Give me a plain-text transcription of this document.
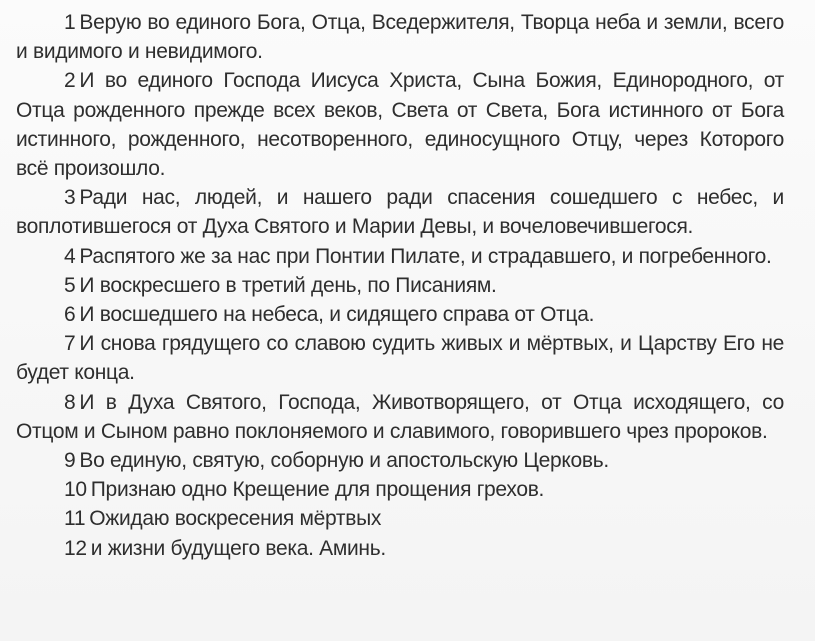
1 Верую во единого Бога, Отца, Вседержителя, Творца неба и земли, всего и видимого и невидимого.

2 И во единого Господа Иисуса Христа, Сына Божия, Единородного, от Отца рожденного прежде всех веков, Света от Света, Бога истинного от Бога истинного, рожденного, несотворенного, единосущного Отцу, через Которого всё произошло.

3 Ради нас, людей, и нашего ради спасения сошедшего с небес, и воплотившегося от Духа Святого и Марии Девы, и вочеловечившегося.

4 Распятого же за нас при Понтии Пилате, и страдавшего, и погребенного.

5 И воскресшего в третий день, по Писаниям.

6 И восшедшего на небеса, и сидящего справа от Отца.

7 И снова грядущего со славою судить живых и мёртвых, и Царству Его не будет конца.

8 И в Духа Святого, Господа, Животворящего, от Отца исходящего, со Отцом и Сыном равно поклоняемого и славимого, говорившего чрез пророков.

9 Во единую, святую, соборную и апостольскую Церковь.

10 Признаю одно Крещение для прощения грехов.

11 Ожидаю воскресения мёртвых

12 и жизни будущего века. Аминь.
